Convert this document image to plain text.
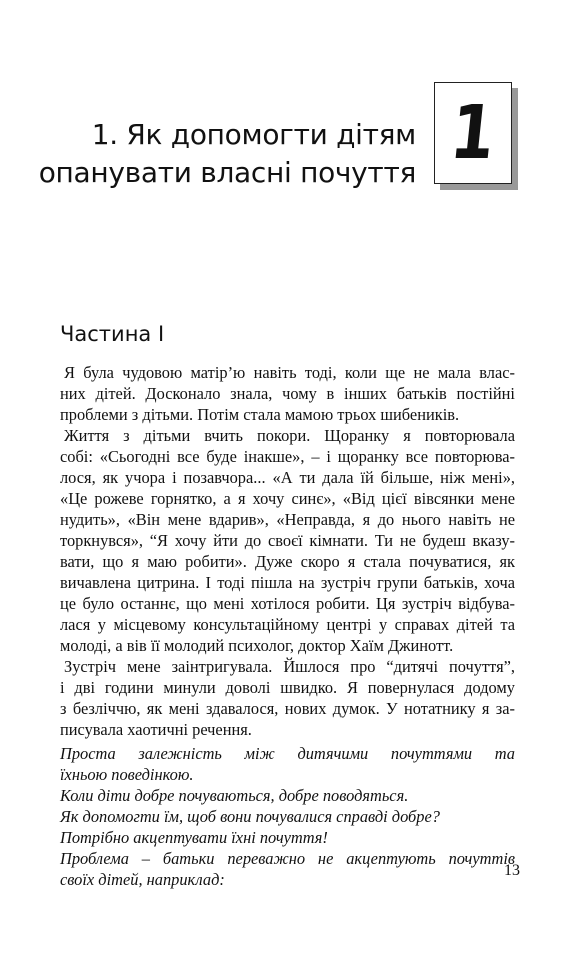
1. Як допомогти дітям
опанувати власні почуття 1
Частина І
Я була чудовою матір’ю навіть тоді, коли ще не мала влас-
них дітей. Досконало знала, чому в інших батьків постійні
проблеми з дітьми. Потім стала мамою трьох шибеників.
Життя з дітьми вчить покори. Щоранку я повторювала
собі: «Сьогодні все буде інакше», – і щоранку все повторюва-
лося, як учора і позавчора... «А ти дала їй більше, ніж мені»,
«Це рожеве горнятко, а я хочу синє», «Від цієї вівсянки мене
нудить», «Він мене вдарив», «Неправда, я до нього навіть не
торкнувся», “Я хочу йти до своєї кімнати. Ти не будеш вказу-
вати, що я маю робити». Дуже скоро я стала почуватися, як
вичавлена цитрина. І тоді пішла на зустріч групи батьків, хоча
це було останнє, що мені хотілося робити. Ця зустріч відбува-
лася у місцевому консультаційному центрі у справах дітей та
молоді, а вів її молодий психолог, доктор Хаїм Джинотт.
Зустріч мене заінтригувала. Йшлося про “дитячі почуття”,
і дві години минули доволі швидко. Я повернулася додому
з безліччю, як мені здавалося, нових думок. У нотатнику я за-
писувала хаотичні речення.
Проста залежність між дитячими почуттями та
їхньою поведінкою.
Коли діти добре почуваються, добре поводяться.
Як допомогти їм, щоб вони почувалися справді добре?
Потрібно акцептувати їхні почуття!
Проблема – батьки переважно не акцептують почуттів
своїх дітей, наприклад:	13
